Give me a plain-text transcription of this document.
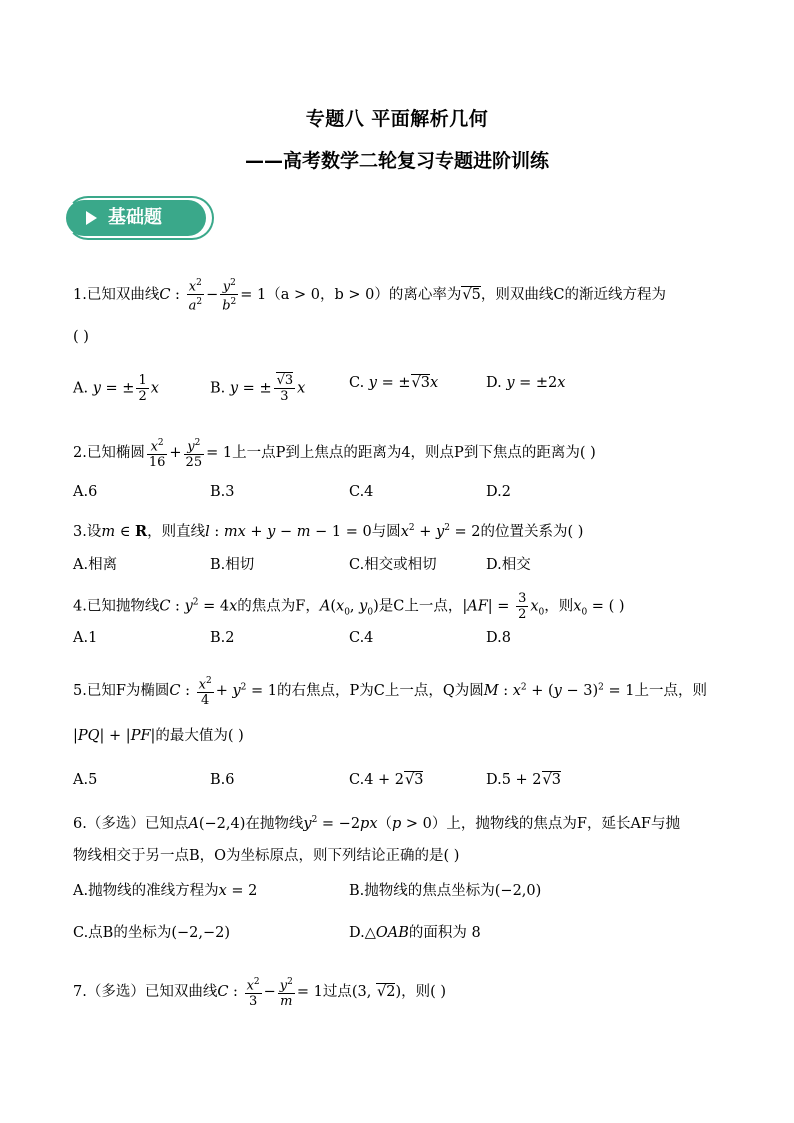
专题八 平面解析几何
——高考数学二轮复习专题进阶训练
基础题
1.已知双曲线C : $\frac{x^2}{a^2} - \frac{y^2}{b^2} = 1(a > 0$，b > 0）的离心率为√5，则双曲线C的渐近线方程为
( )
A. y = ± $\frac{1}{2}$ x	B. y = ± $\frac{√3}{3}$ x	C. y = ±√3x	D. y = ±2x
2.已知椭圆 $\frac{x^2}{16} + \frac{y^2}{25} = 1$上一点P到上焦点的距离为4，则点P到下焦点的距离为( )
A.6	B.3	C.4	D.2
3.设m ∈ R，则直线l : mx + y − m − 1 = 0与圆$x^2 + y^2 = 2$的位置关系为( )
A.相离	B.相切	C.相交或相切	D.相交
4.已知抛物线C : $y^2 = 4x$的焦点为F，$A(x_0$, $y_0$)是C上一点，$|AF| = \frac{3}{2} x_0$，则$x_0$ = ( )
A.1	B.2	C.4	D.8
5.已知F为椭圆C : $\frac{x^2}{4} + y^2 = 1$的右焦点，P为C上一点，Q为圆M : $x^2 + (y - 3)^2 = 1$上一点，则
|PQ| + |PF|的最大值为( )
A.5	B.6	C.4 + 2√3	D.5 + 2√3
6.（多选）已知点A(−2,4)在抛物线$y^2 = -2px(p > 0)$上，抛物线的焦点为F，延长AF与抛
物线相交于另一点B，O为坐标原点，则下列结论正确的是( )
A.抛物线的准线方程为x = 2	B.抛物线的焦点坐标为(−2,0)
C.点B的坐标为(−2,−2)	D.△OAB的面积为 8
7.（多选）已知双曲线C : $\frac{x^2}{3} - \frac{y^2}{m} = 1$过点(3, √2)，则( )
